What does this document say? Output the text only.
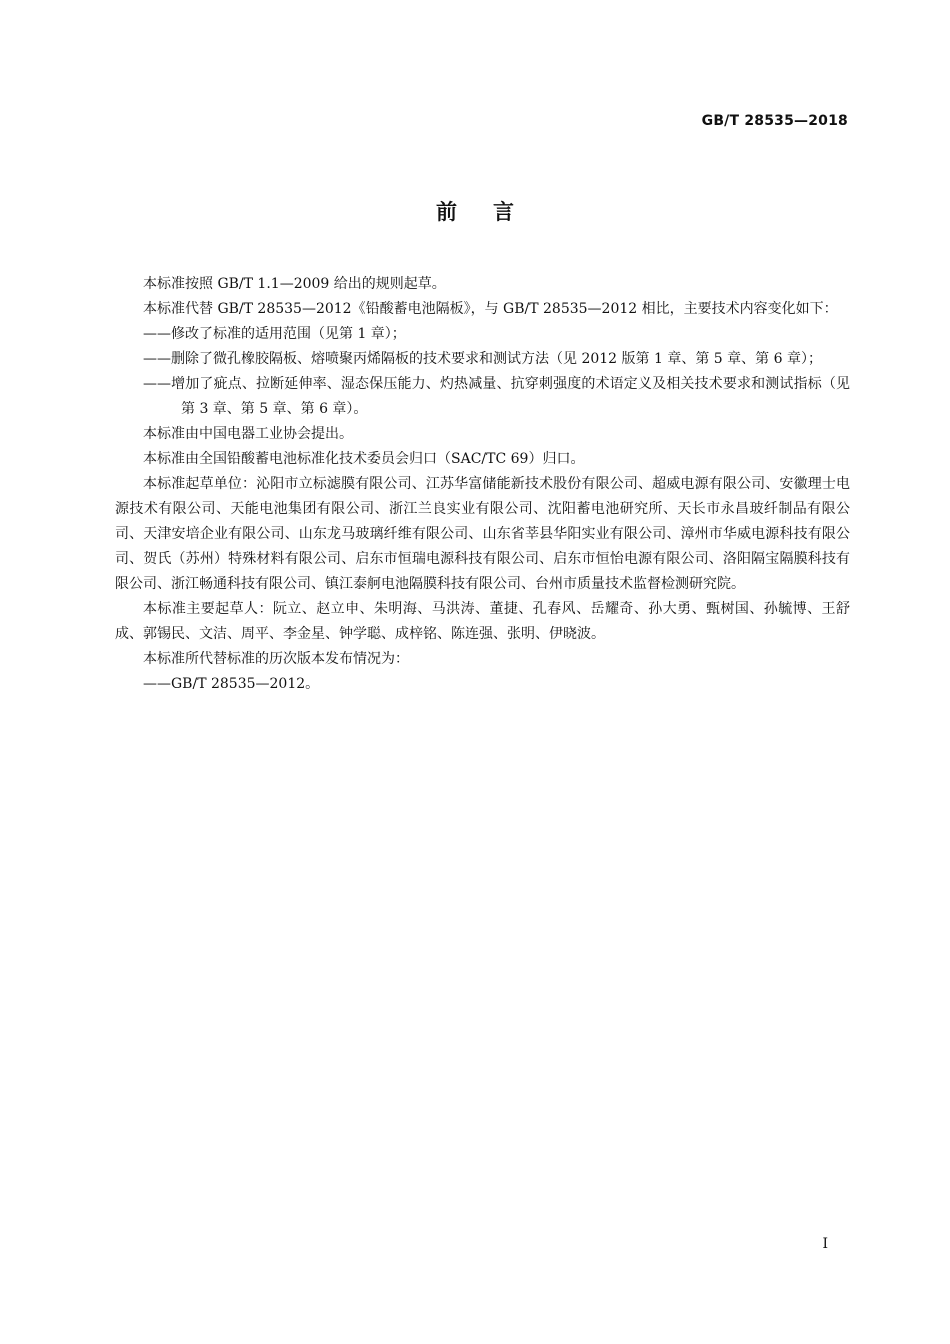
GB/T 28535—2018
前言

本标准按照 GB/T 1.1—2009 给出的规则起草。

本标准代替 GB/T 28535—2012《铅酸蓄电池隔板》，与 GB/T 28535—2012 相比，主要技术内容变化如下：

——修改了标准的适用范围（见第 1 章）；

——删除了微孔橡胶隔板、熔喷聚丙烯隔板的技术要求和测试方法（见 2012 版第 1 章、第 5 章、第 6 章）；

——增加了疵点、拉断延伸率、湿态保压能力、灼热减量、抗穿刺强度的术语定义及相关技术要求和测试指标（见第 3 章、第 5 章、第 6 章）。

本标准由中国电器工业协会提出。

本标准由全国铅酸蓄电池标准化技术委员会归口（SAC/TC 69）归口。

本标准起草单位：沁阳市立标滤膜有限公司、江苏华富储能新技术股份有限公司、超威电源有限公司、安徽理士电源技术有限公司、天能电池集团有限公司、浙江兰良实业有限公司、沈阳蓄电池研究所、天长市永昌玻纤制品有限公司、天津安培企业有限公司、山东龙马玻璃纤维有限公司、山东省莘县华阳实业有限公司、漳州市华威电源科技有限公司、贺氏（苏州）特殊材料有限公司、启东市恒瑞电源科技有限公司、启东市恒怡电源有限公司、洛阳隔宝隔膜科技有限公司、浙江畅通科技有限公司、镇江泰舸电池隔膜科技有限公司、台州市质量技术监督检测研究院。

本标准主要起草人：阮立、赵立申、朱明海、马洪涛、董捷、孔春风、岳耀奇、孙大勇、甄树国、孙毓博、王舒成、郭锡民、文洁、周平、李金星、钟学聪、成梓铭、陈连强、张明、伊晓波。

本标准所代替标准的历次版本发布情况为：

——GB/T 28535—2012。

I
